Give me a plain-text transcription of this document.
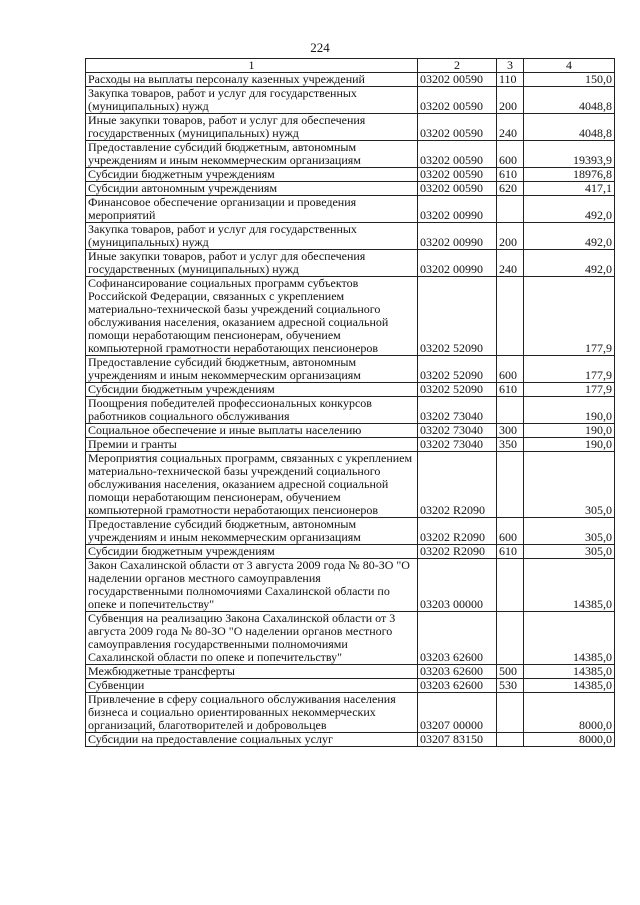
224
1	2	3	4
Расходы на выплаты персоналу казенных учреждений	03202 00590	110	150,0
Закупка товаров, работ и услуг для государственных (муниципальных) нужд	03202 00590	200	4048,8
Иные закупки товаров, работ и услуг для обеспечения государственных (муниципальных) нужд	03202 00590	240	4048,8
Предоставление субсидий бюджетным, автономным учреждениям и иным некоммерческим организациям	03202 00590	600	19393,9
Субсидии бюджетным учреждениям	03202 00590	610	18976,8
Субсидии автономным учреждениям	03202 00590	620	417,1
Финансовое обеспечение организации и проведения мероприятий	03202 00990		492,0
Закупка товаров, работ и услуг для государственных (муниципальных) нужд	03202 00990	200	492,0
Иные закупки товаров, работ и услуг для обеспечения государственных (муниципальных) нужд	03202 00990	240	492,0
Софинансирование социальных программ субъектов Российской Федерации, связанных с укреплением материально-технической базы учреждений социального обслуживания населения, оказанием адресной социальной помощи неработающим пенсионерам, обучением компьютерной грамотности неработающих пенсионеров	03202 52090		177,9
Предоставление субсидий бюджетным, автономным учреждениям и иным некоммерческим организациям	03202 52090	600	177,9
Субсидии бюджетным учреждениям	03202 52090	610	177,9
Поощрения победителей профессиональных конкурсов работников социального обслуживания	03202 73040		190,0
Социальное обеспечение и иные выплаты населению	03202 73040	300	190,0
Премии и гранты	03202 73040	350	190,0
Мероприятия социальных программ, связанных с укреплением материально-технической базы учреждений социального обслуживания населения, оказанием адресной социальной помощи неработающим пенсионерам, обучением компьютерной грамотности неработающих пенсионеров	03202 R2090		305,0
Предоставление субсидий бюджетным, автономным учреждениям и иным некоммерческим организациям	03202 R2090	600	305,0
Субсидии бюджетным учреждениям	03202 R2090	610	305,0
Закон Сахалинской области от 3 августа 2009 года № 80-ЗО "О наделении органов местного самоуправления государственными полномочиями Сахалинской области по опеке и попечительству"	03203 00000		14385,0
Субвенция на реализацию Закона Сахалинской области от 3 августа 2009 года № 80-ЗО "О наделении органов местного самоуправления государственными полномочиями Сахалинской области по опеке и попечительству"	03203 62600		14385,0
Межбюджетные трансферты	03203 62600	500	14385,0
Субвенции	03203 62600	530	14385,0
Привлечение в сферу социального обслуживания населения бизнеса и социально ориентированных некоммерческих организаций, благотворителей и добровольцев	03207 00000		8000,0
Субсидии на предоставление социальных услуг	03207 83150		8000,0
